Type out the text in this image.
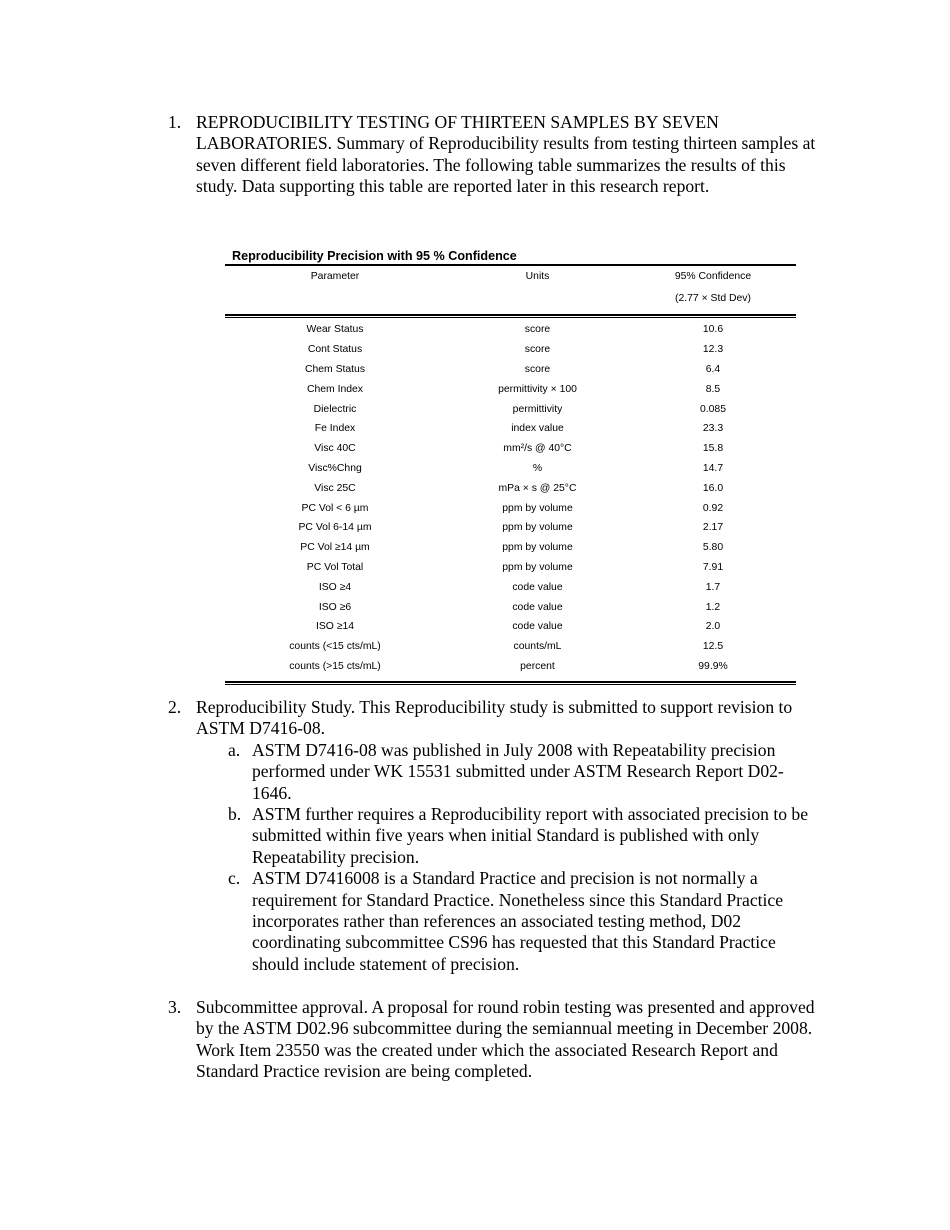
1. REPRODUCIBILITY TESTING OF THIRTEEN SAMPLES BY SEVEN LABORATORIES. Summary of Reproducibility results from testing thirteen samples at seven different field laboratories. The following table summarizes the results of this study. Data supporting this table are reported later in this research report.
Reproducibility Precision with 95 % Confidence
Parameter	Units	95% Confidence
(2.77 × Std Dev)
Wear Status	score	10.6
Cont Status	score	12.3
Chem Status	score	6.4
Chem Index	permittivity × 100	8.5
Dielectric	permittivity	0.085
Fe Index	index value	23.3
Visc 40C	mm²/s @ 40°C	15.8
Visc%Chng	%	14.7
Visc 25C	mPa × s @ 25°C	16.0
PC Vol < 6 µm	ppm by volume	0.92
PC Vol 6-14 µm	ppm by volume	2.17
PC Vol ≥14 µm	ppm by volume	5.80
PC Vol Total	ppm by volume	7.91
ISO ≥4	code value	1.7
ISO ≥6	code value	1.2
ISO ≥14	code value	2.0
counts (<15 cts/mL)	counts/mL	12.5
counts (>15 cts/mL)	percent	99.9%
2. Reproducibility Study. This Reproducibility study is submitted to support revision to ASTM D7416-08.
a. ASTM D7416-08 was published in July 2008 with Repeatability precision performed under WK 15531 submitted under ASTM Research Report D02-1646.
b. ASTM further requires a Reproducibility report with associated precision to be submitted within five years when initial Standard is published with only Repeatability precision.
c. ASTM D7416008 is a Standard Practice and precision is not normally a requirement for Standard Practice. Nonetheless since this Standard Practice incorporates rather than references an associated testing method, D02 coordinating subcommittee CS96 has requested that this Standard Practice should include statement of precision.
3. Subcommittee approval. A proposal for round robin testing was presented and approved by the ASTM D02.96 subcommittee during the semiannual meeting in December 2008. Work Item 23550 was the created under which the associated Research Report and Standard Practice revision are being completed.
